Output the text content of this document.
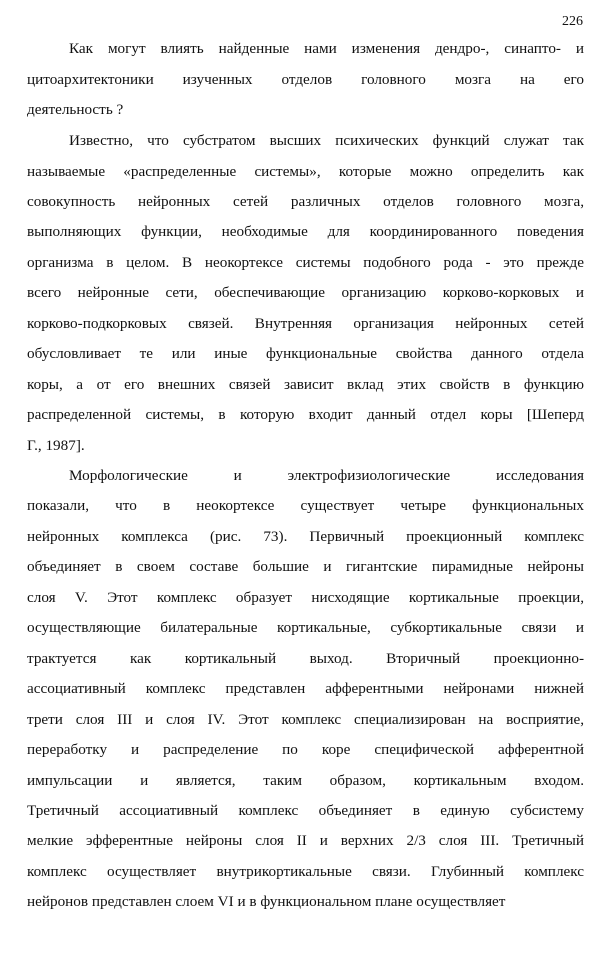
226
Как могут влиять найденные нами изменения дендро-, синапто- и
цитоархитектоники изученных отделов головного мозга на его
деятельность ?
Известно, что субстратом высших психических функций служат так
называемые «распределенные системы», которые можно определить как
совокупность нейронных сетей различных отделов головного мозга,
выполняющих функции, необходимые для координированного поведения
организма в целом. В неокортексе системы подобного рода - это прежде
всего нейронные сети, обеспечивающие организацию корково-корковых и
корково-подкорковых связей. Внутренняя организация нейронных сетей
обусловливает те или иные функциональные свойства данного отдела
коры, а от его внешних связей зависит вклад этих свойств в функцию
распределенной системы, в которую входит данный отдел коры [Шеперд
Г., 1987].
Морфологические и электрофизиологические исследования
показали, что в неокортексе существует четыре функциональных
нейронных комплекса (рис. 73). Первичный проекционный комплекс
объединяет в своем составе большие и гигантские пирамидные нейроны
слоя V. Этот комплекс образует нисходящие кортикальные проекции,
осуществляющие билатеральные кортикальные, субкортикальные связи и
трактуется как кортикальный выход. Вторичный проекционно-
ассоциативный комплекс представлен афферентными нейронами нижней
трети слоя III и слоя IV. Этот комплекс специализирован на восприятие,
переработку и распределение по коре специфической афферентной
импульсации и является, таким образом, кортикальным входом.
Третичный ассоциативный комплекс объединяет в единую субсистему
мелкие эфферентные нейроны слоя II и верхних 2/3 слоя III. Третичный
комплекс осуществляет внутрикортикальные связи. Глубинный комплекс
нейронов представлен слоем VI и в функциональном плане осуществляет
